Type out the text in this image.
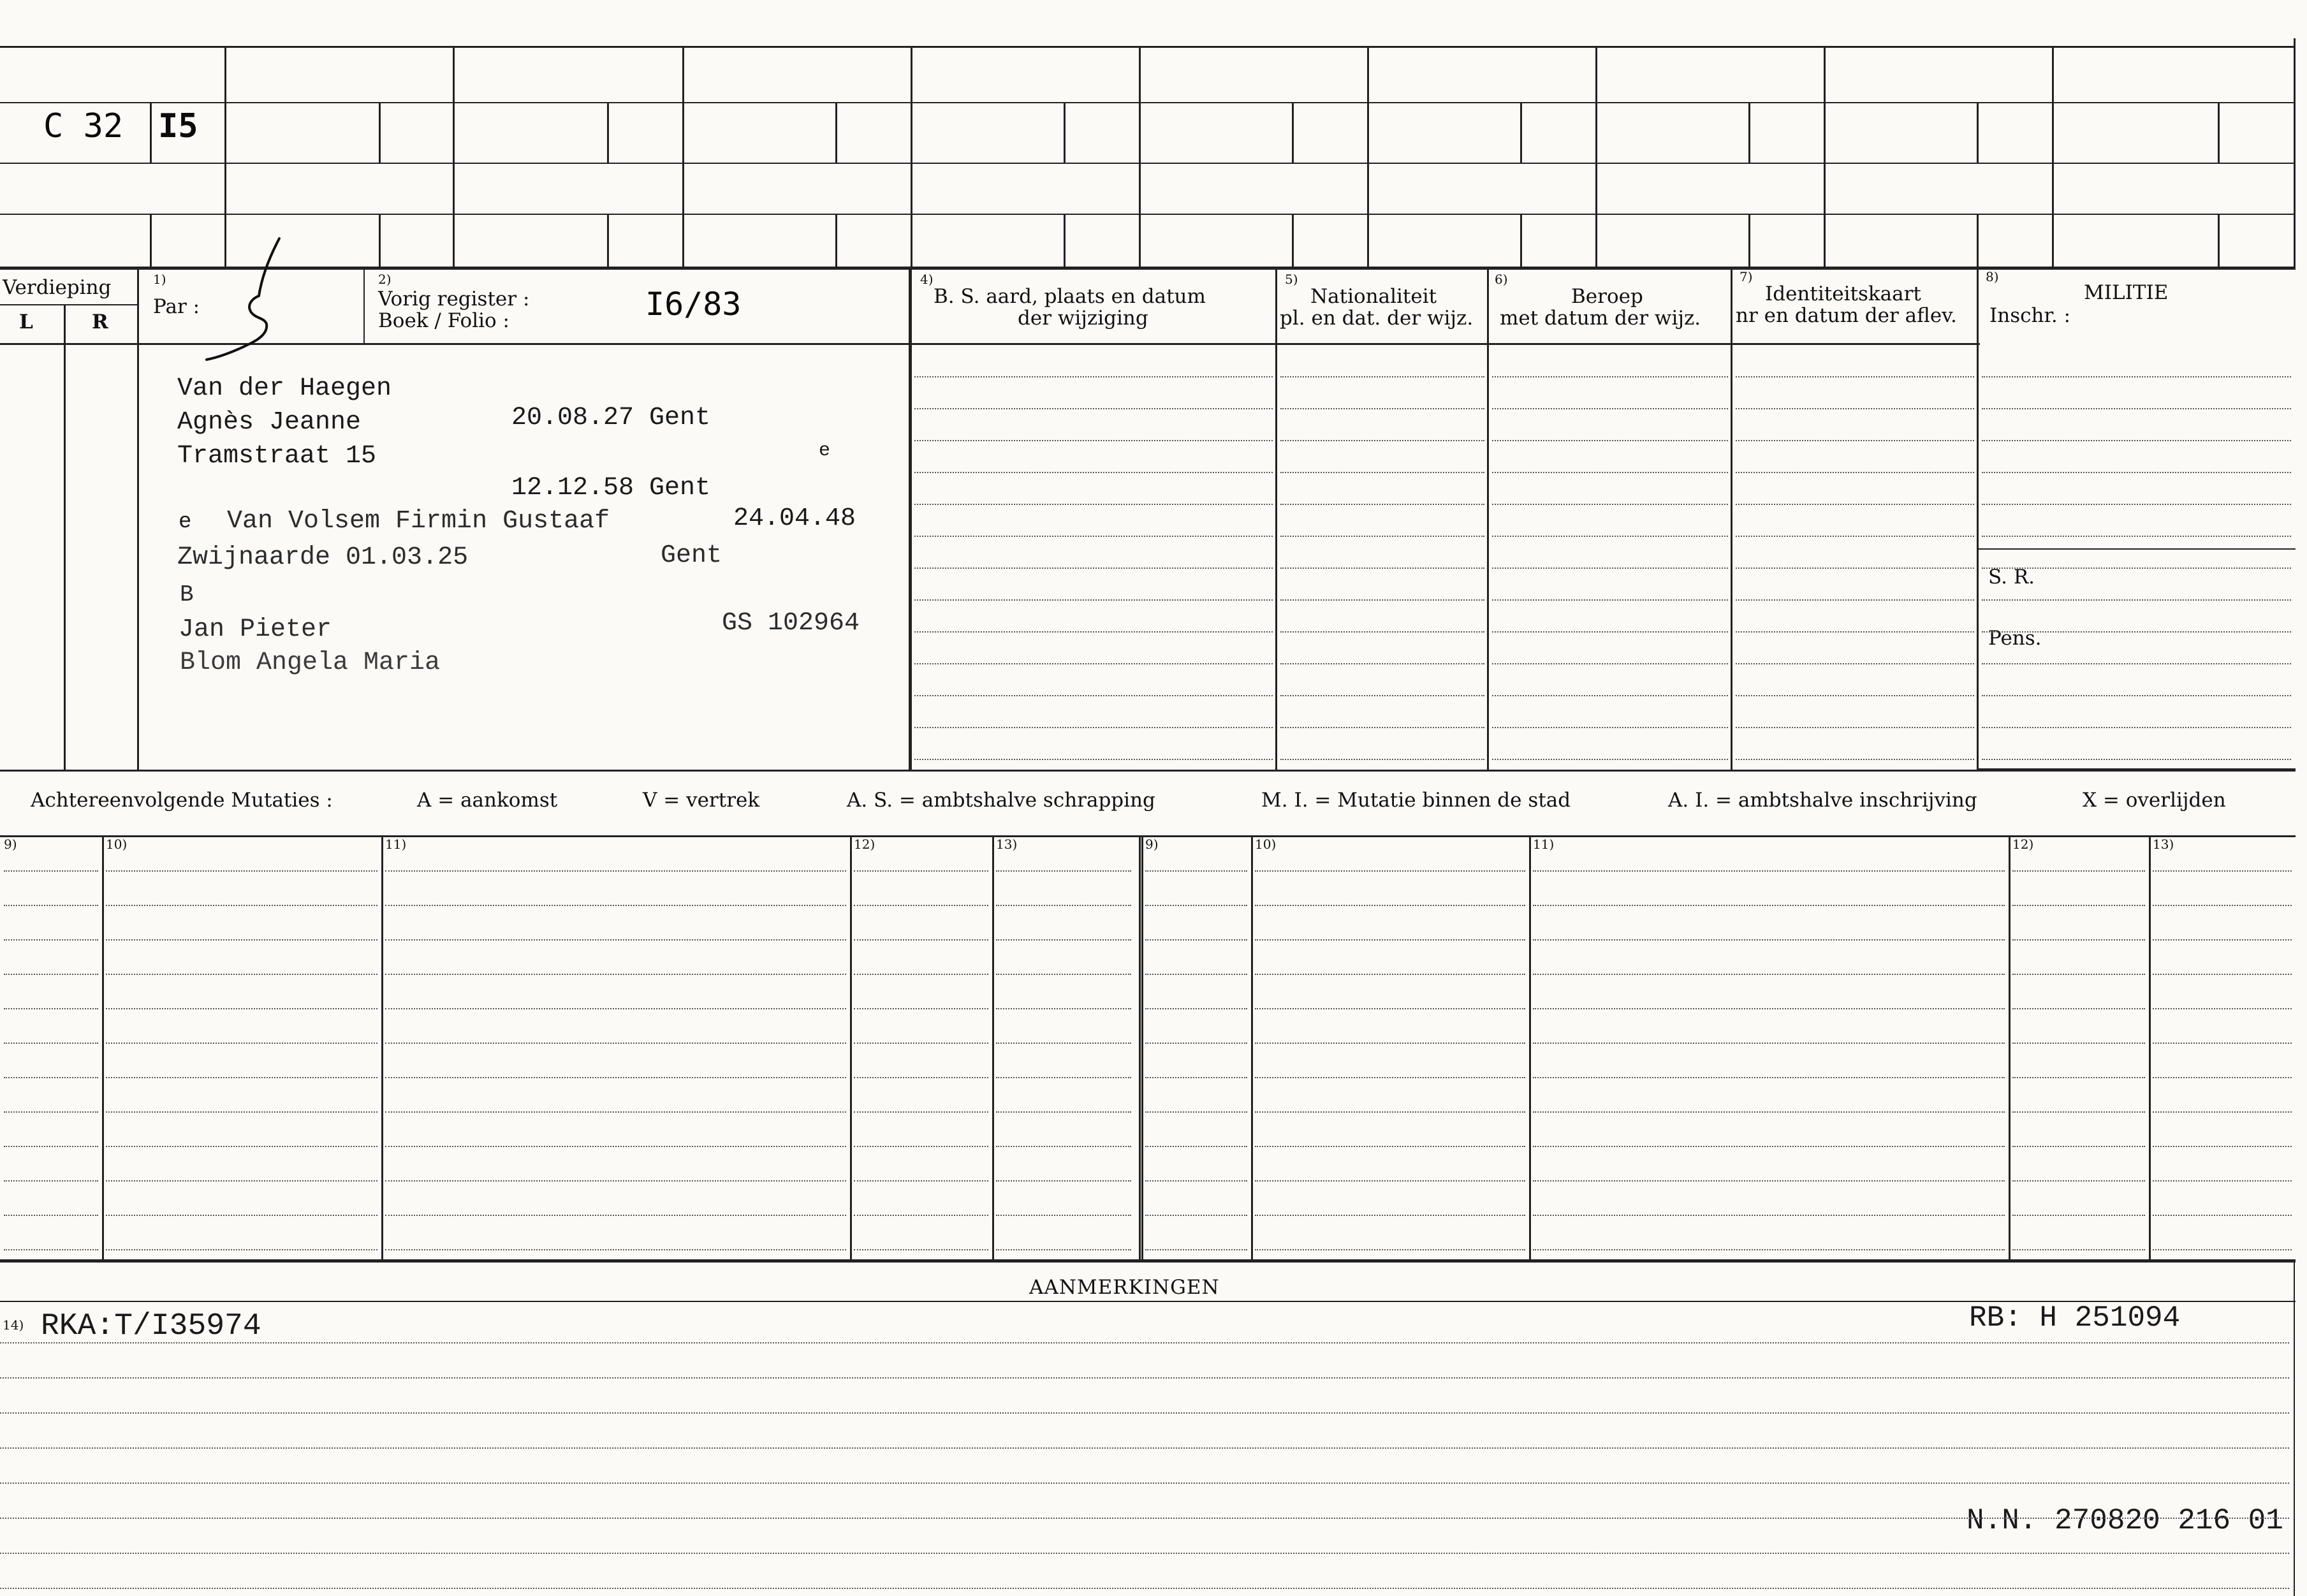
C 32 I5
Verdieping
L	R
1)
Par :
2)
Vorig register :
Boek / Folio :	I6/83
4)
B. S. aard, plaats en datum
der wijziging
5)
Nationaliteit
pl. en dat. der wijz.
6)
Beroep
met datum der wijz.
7)
Identiteitskaart
nr en datum der aflev.
8)
MILITIE
Inschr. :
S. R.
Pens.
Van der Haegen
Agnès Jeanne	20.08.27 Gent
Tramstraat 15	e
12.12.58 Gent
e Van Volsem Firmin Gustaaf	24.04.48
Zwijnaarde 01.03.25	Gent
B
Jan Pieter	GS 102964
Blom Angela Maria
Achtereenvolgende Mutaties :	A = aankomst	V = vertrek	A. S. = ambtshalve schrapping	M. I. = Mutatie binnen de stad	A. I. = ambtshalve inschrijving	X = overlijden
9)	10)	11)	12)	13)	9)	10)	11)	12)	13)
AANMERKINGEN
14) RKA:T/I35974	RB: H 251094
N.N. 270820 216 01
